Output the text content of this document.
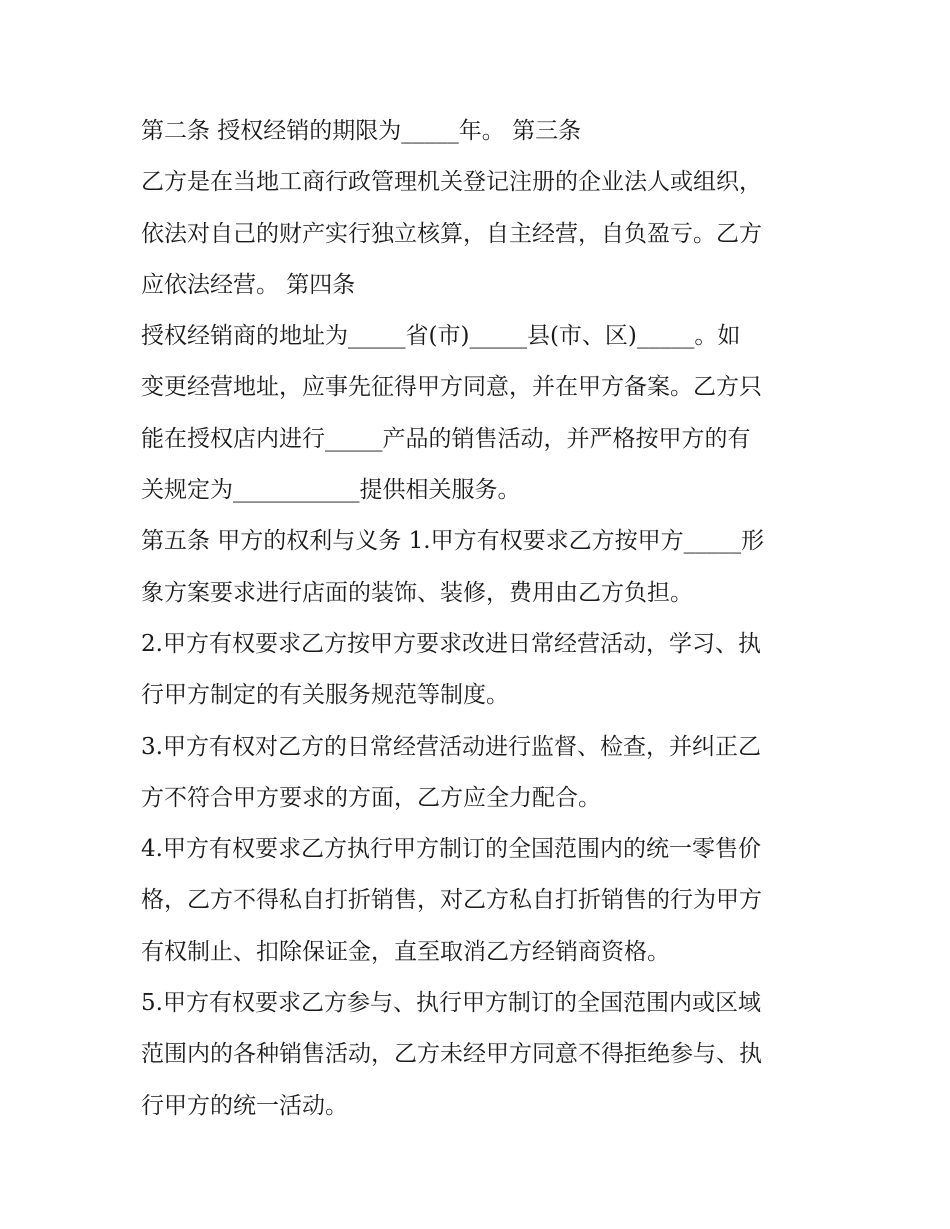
第二条 授权经销的期限为_____年。 第三条
乙方是在当地工商行政管理机关登记注册的企业法人或组织，
依法对自己的财产实行独立核算，自主经营，自负盈亏。乙方
应依法经营。 第四条
授权经销商的地址为_____省(市)_____县(市、区)_____。如
变更经营地址，应事先征得甲方同意，并在甲方备案。乙方只
能在授权店内进行_____产品的销售活动，并严格按甲方的有
关规定为___________提供相关服务。
第五条 甲方的权利与义务 1.甲方有权要求乙方按甲方_____形
象方案要求进行店面的装饰、装修，费用由乙方负担。
2.甲方有权要求乙方按甲方要求改进日常经营活动，学习、执
行甲方制定的有关服务规范等制度。
3.甲方有权对乙方的日常经营活动进行监督、检查，并纠正乙
方不符合甲方要求的方面，乙方应全力配合。
4.甲方有权要求乙方执行甲方制订的全国范围内的统一零售价
格，乙方不得私自打折销售，对乙方私自打折销售的行为甲方
有权制止、扣除保证金，直至取消乙方经销商资格。
5.甲方有权要求乙方参与、执行甲方制订的全国范围内或区域
范围内的各种销售活动，乙方未经甲方同意不得拒绝参与、执
行甲方的统一活动。
